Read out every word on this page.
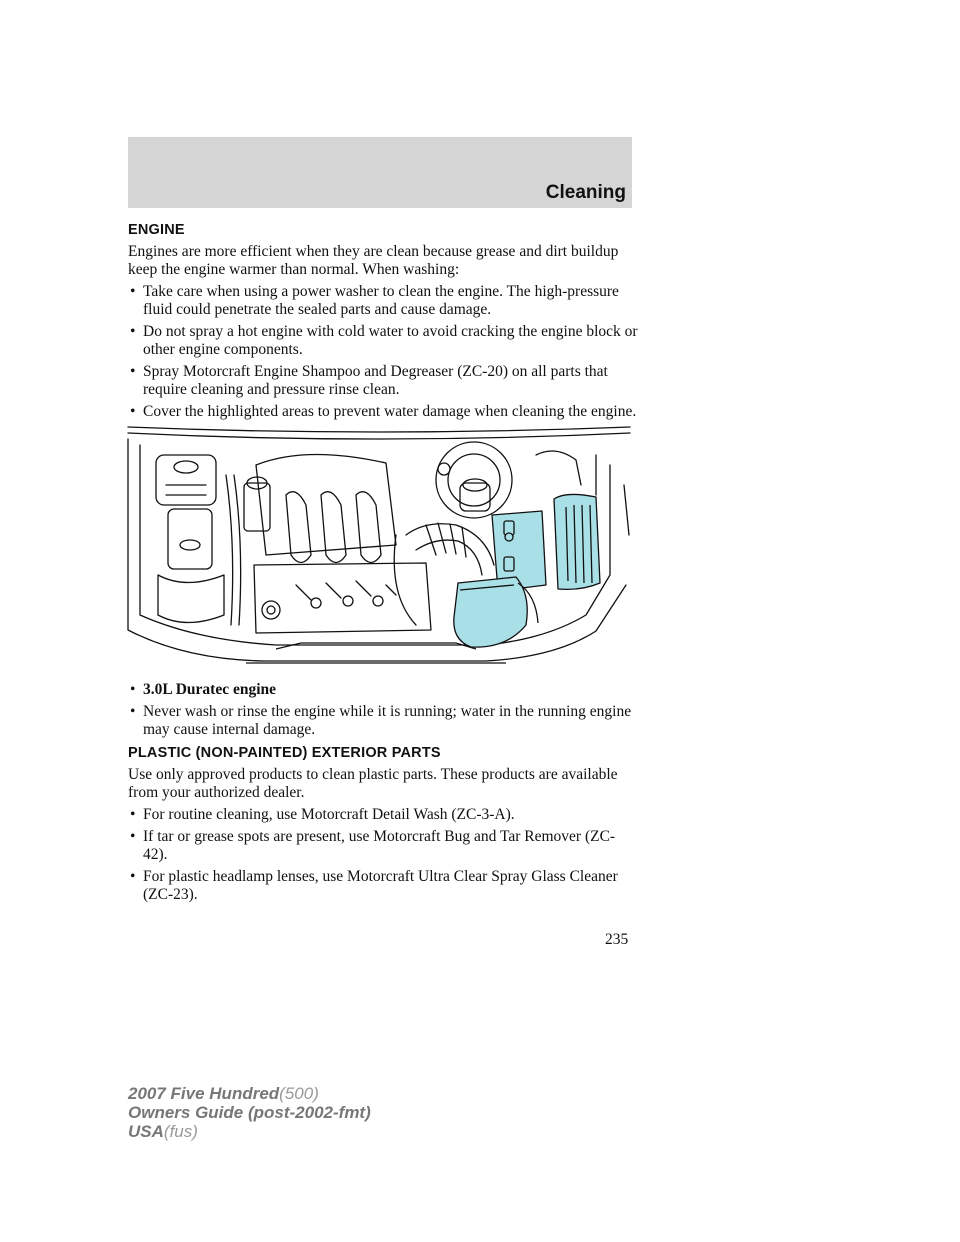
Cleaning
ENGINE

Engines are more efficient when they are clean because grease and dirt buildup keep the engine warmer than normal. When washing:

• Take care when using a power washer to clean the engine. The high-pressure fluid could penetrate the sealed parts and cause damage.
• Do not spray a hot engine with cold water to avoid cracking the engine block or other engine components.
• Spray Motorcraft Engine Shampoo and Degreaser (ZC-20) on all parts that require cleaning and pressure rinse clean.
• Cover the highlighted areas to prevent water damage when cleaning the engine.
• 3.0L Duratec engine
• Never wash or rinse the engine while it is running; water in the running engine may cause internal damage.
PLASTIC (NON-PAINTED) EXTERIOR PARTS

Use only approved products to clean plastic parts. These products are available from your authorized dealer.

• For routine cleaning, use Motorcraft Detail Wash (ZC-3-A).
• If tar or grease spots are present, use Motorcraft Bug and Tar Remover (ZC-42).
• For plastic headlamp lenses, use Motorcraft Ultra Clear Spray Glass Cleaner (ZC-23).
235
2007 Five Hundred(500)
Owners Guide (post-2002-fmt)
USA(fus)
